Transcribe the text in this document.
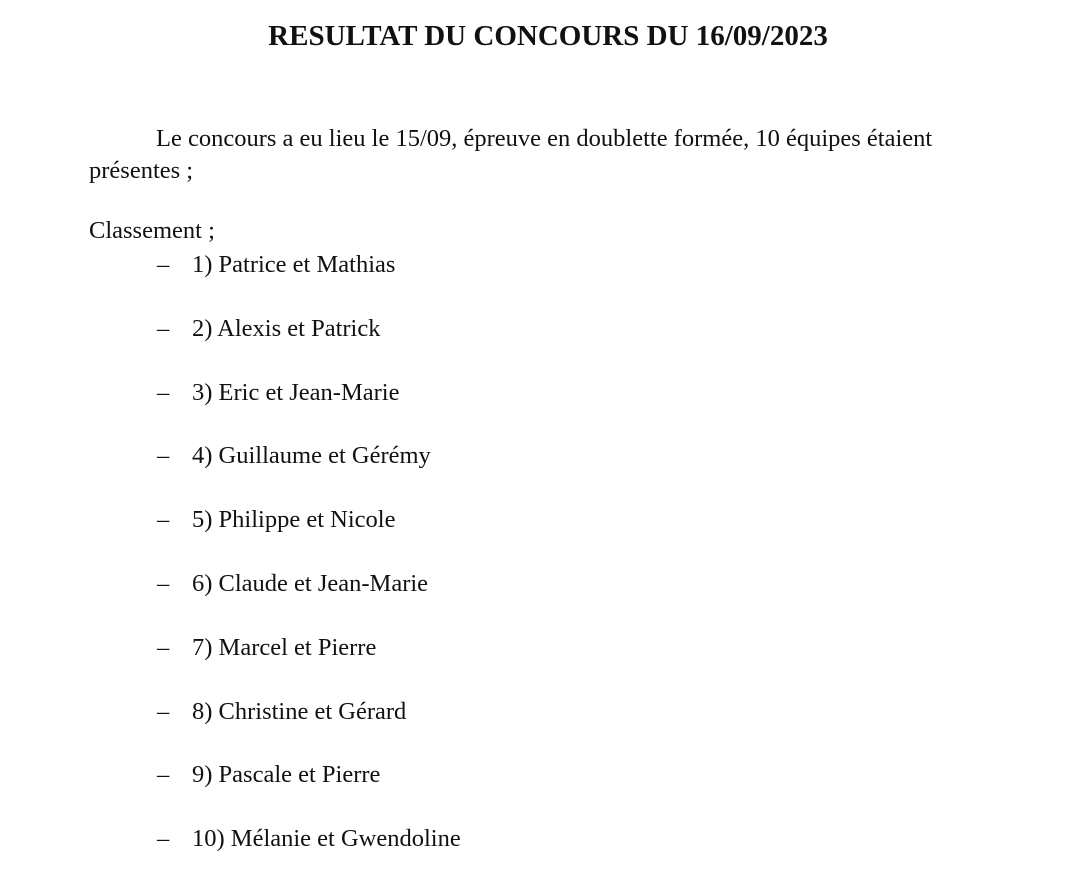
RESULTAT DU CONCOURS DU 16/09/2023

Le concours a eu lieu le 15/09, épreuve en doublette formée, 10 équipes étaient présentes ;

Classement ;

– 1) Patrice et Mathias
– 2) Alexis et Patrick
– 3) Eric et Jean-Marie
– 4) Guillaume et Gérémy
– 5) Philippe et Nicole
– 6) Claude et Jean-Marie
– 7) Marcel et Pierre
– 8) Christine et Gérard
– 9) Pascale et Pierre
– 10) Mélanie et Gwendoline
